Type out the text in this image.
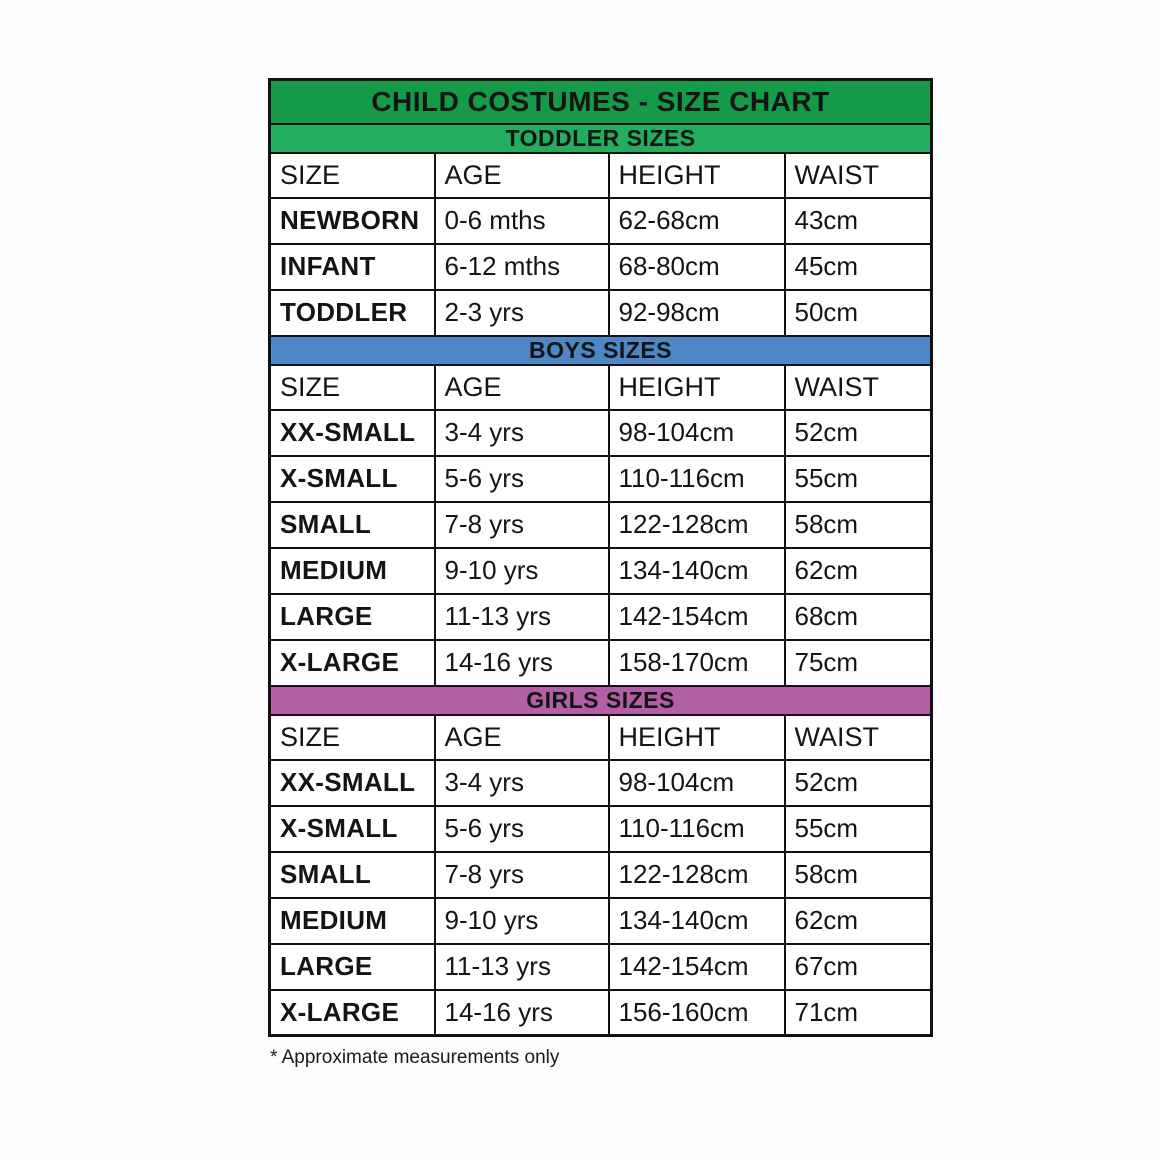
CHILD COSTUMES - SIZE CHART			
TODDLER SIZES			
SIZE	AGE	HEIGHT	WAIST
NEWBORN	0-6 mths	62-68cm	43cm
INFANT	6-12 mths	68-80cm	45cm
TODDLER	2-3 yrs	92-98cm	50cm
BOYS SIZES			
SIZE	AGE	HEIGHT	WAIST
XX-SMALL	3-4 yrs	98-104cm	52cm
X-SMALL	5-6 yrs	110-116cm	55cm
SMALL	7-8 yrs	122-128cm	58cm
MEDIUM	9-10 yrs	134-140cm	62cm
LARGE	11-13 yrs	142-154cm	68cm
X-LARGE	14-16 yrs	158-170cm	75cm
GIRLS SIZES			
SIZE	AGE	HEIGHT	WAIST
XX-SMALL	3-4 yrs	98-104cm	52cm
X-SMALL	5-6 yrs	110-116cm	55cm
SMALL	7-8 yrs	122-128cm	58cm
MEDIUM	9-10 yrs	134-140cm	62cm
LARGE	11-13 yrs	142-154cm	67cm
X-LARGE	14-16 yrs	156-160cm	71cm
* Approximate measurements only
